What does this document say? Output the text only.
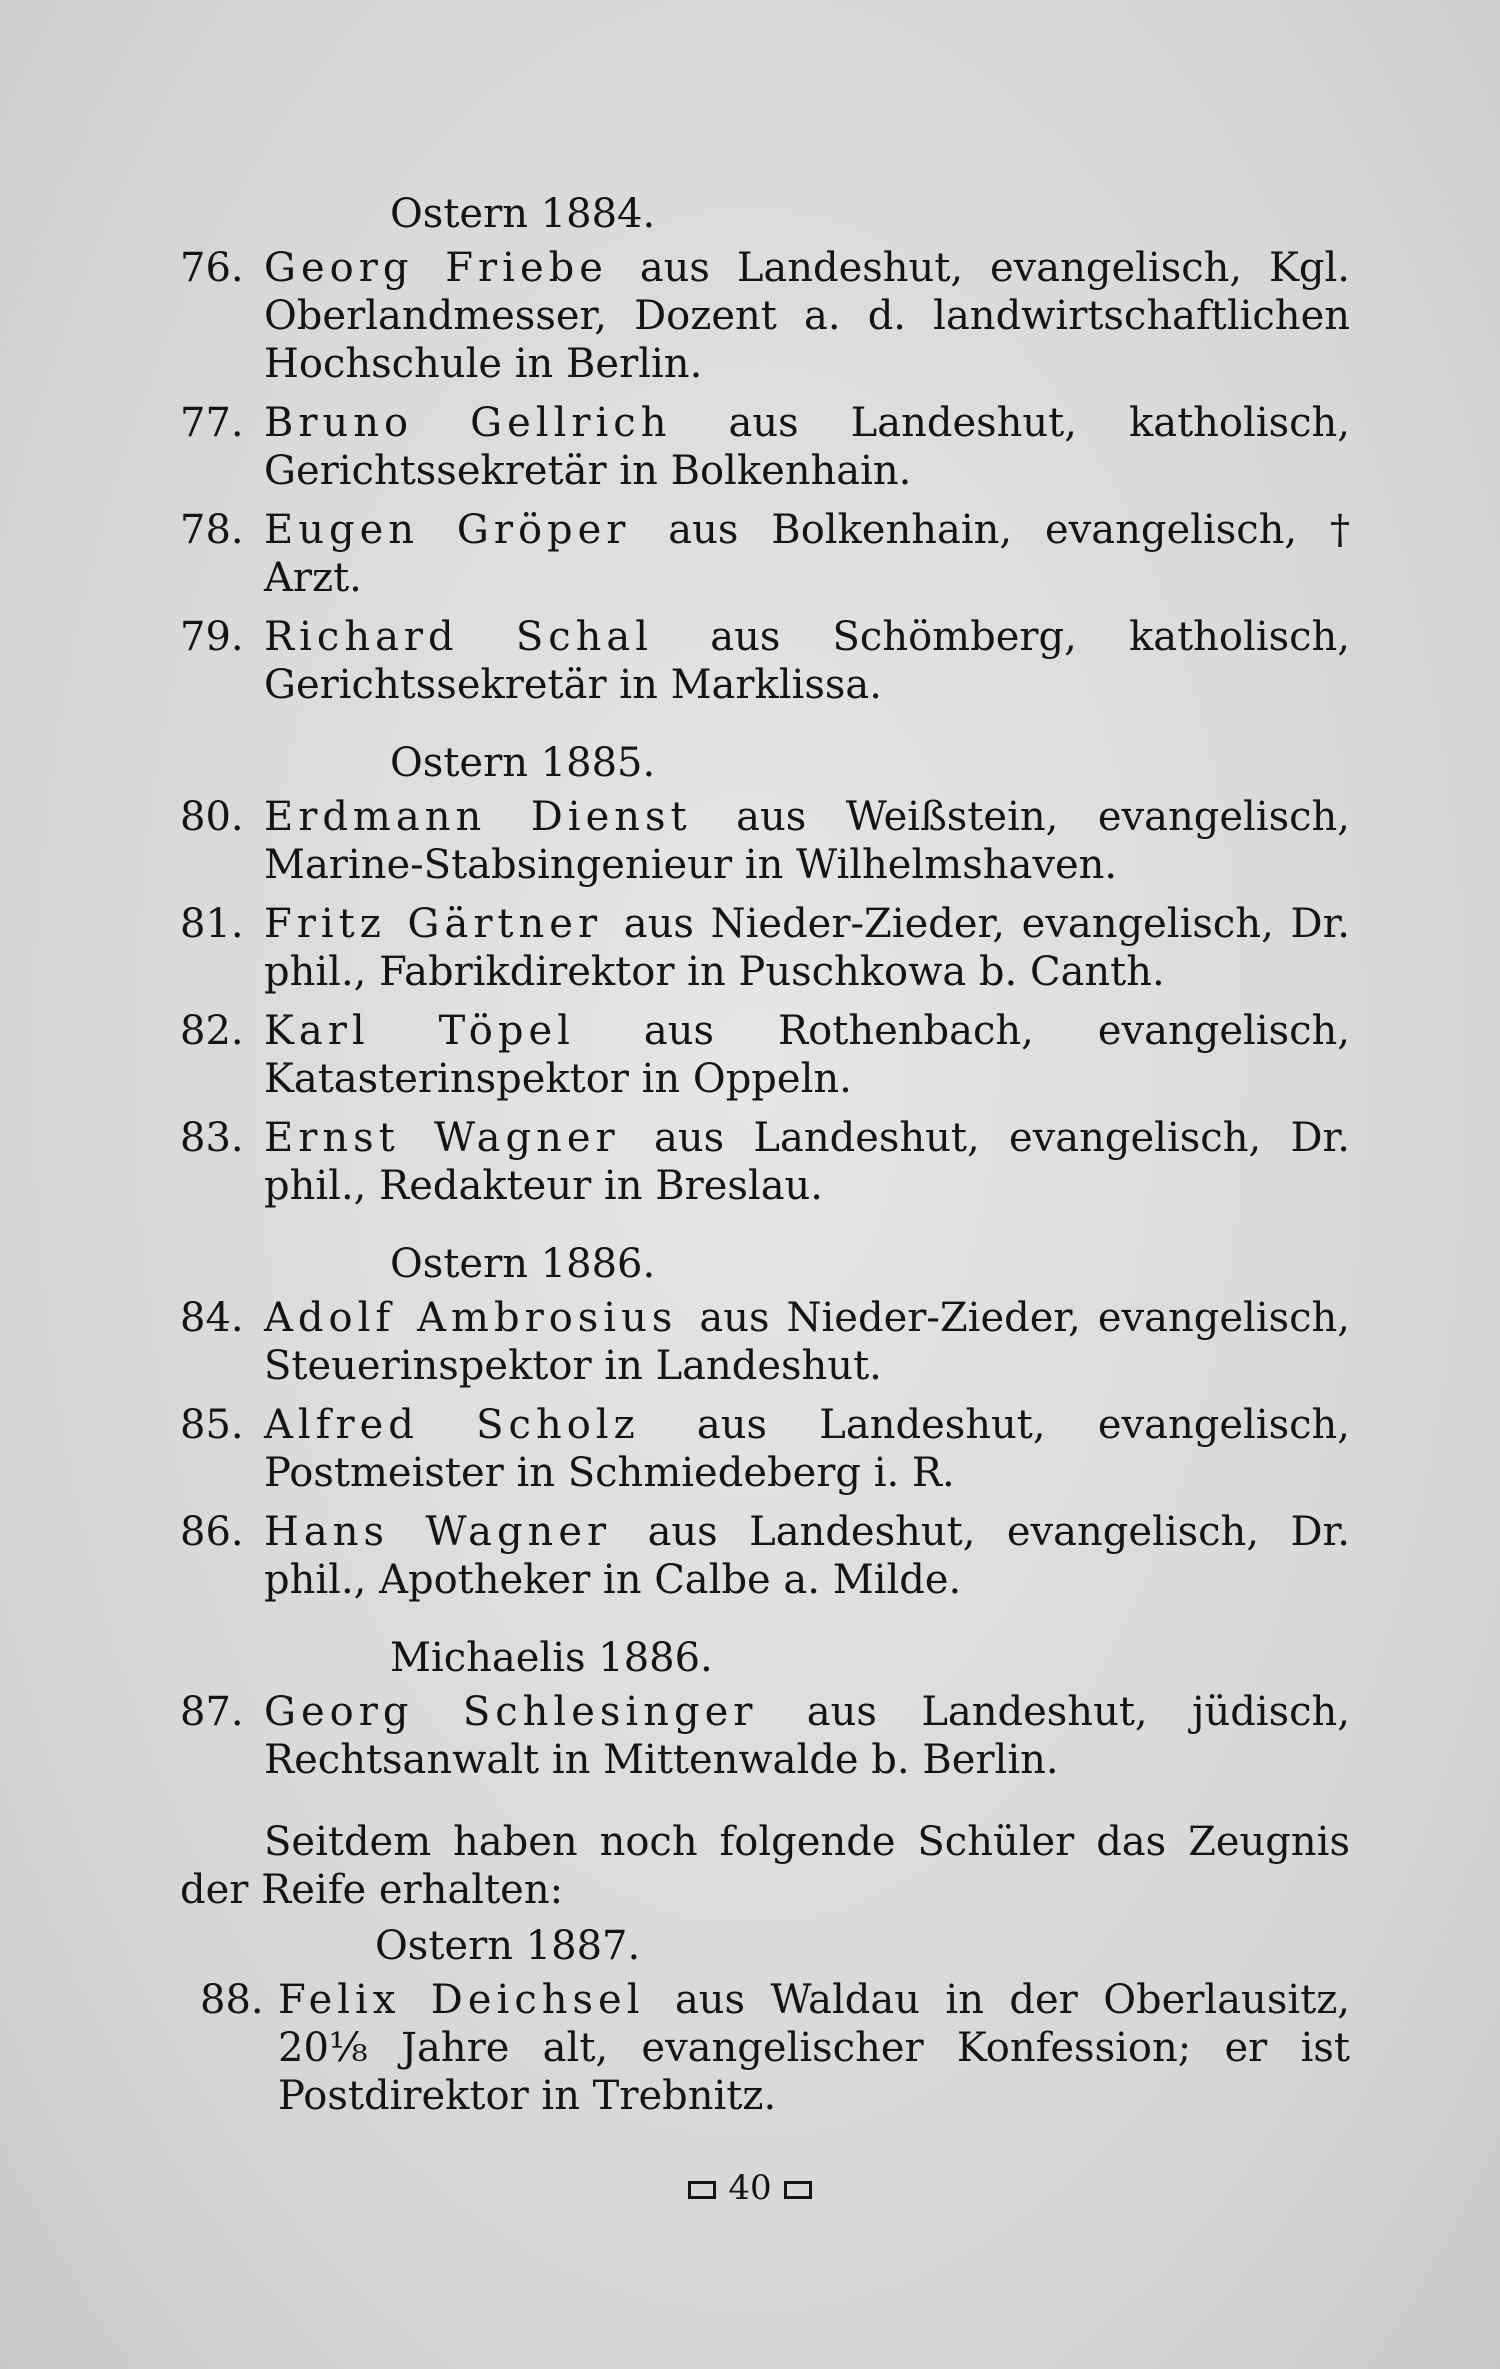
Ostern 1884.
76. Georg Friebe aus Landeshut, evangelisch, Kgl. Oberlandmesser, Dozent a. d. landwirtschaftlichen Hochschule in Berlin.
77. Bruno Gellrich aus Landeshut, katholisch, Gerichtssekretär in Bolkenhain.
78. Eugen Gröper aus Bolkenhain, evangelisch, † Arzt.
79. Richard Schal aus Schömberg, katholisch, Gerichtssekretär in Marklissa.
Ostern 1885.
80. Erdmann Dienst aus Weißstein, evangelisch, Marine-Stabsingenieur in Wilhelmshaven.
81. Fritz Gärtner aus Nieder-Zieder, evangelisch, Dr. phil., Fabrikdirektor in Puschkowa b. Canth.
82. Karl Töpel aus Rothenbach, evangelisch, Katasterinspektor in Oppeln.
83. Ernst Wagner aus Landeshut, evangelisch, Dr. phil., Redakteur in Breslau.
Ostern 1886.
84. Adolf Ambrosius aus Nieder-Zieder, evangelisch, Steuerinspektor in Landeshut.
85. Alfred Scholz aus Landeshut, evangelisch, Postmeister in Schmiedeberg i. R.
86. Hans Wagner aus Landeshut, evangelisch, Dr. phil., Apotheker in Calbe a. Milde.
Michaelis 1886.
87. Georg Schlesinger aus Landeshut, jüdisch, Rechtsanwalt in Mittenwalde b. Berlin.
Seitdem haben noch folgende Schüler das Zeugnis der Reife erhalten:
Ostern 1887.
88. Felix Deichsel aus Waldau in der Oberlausitz, 20⅛ Jahre alt, evangelischer Konfession; er ist Postdirektor in Trebnitz.
40
